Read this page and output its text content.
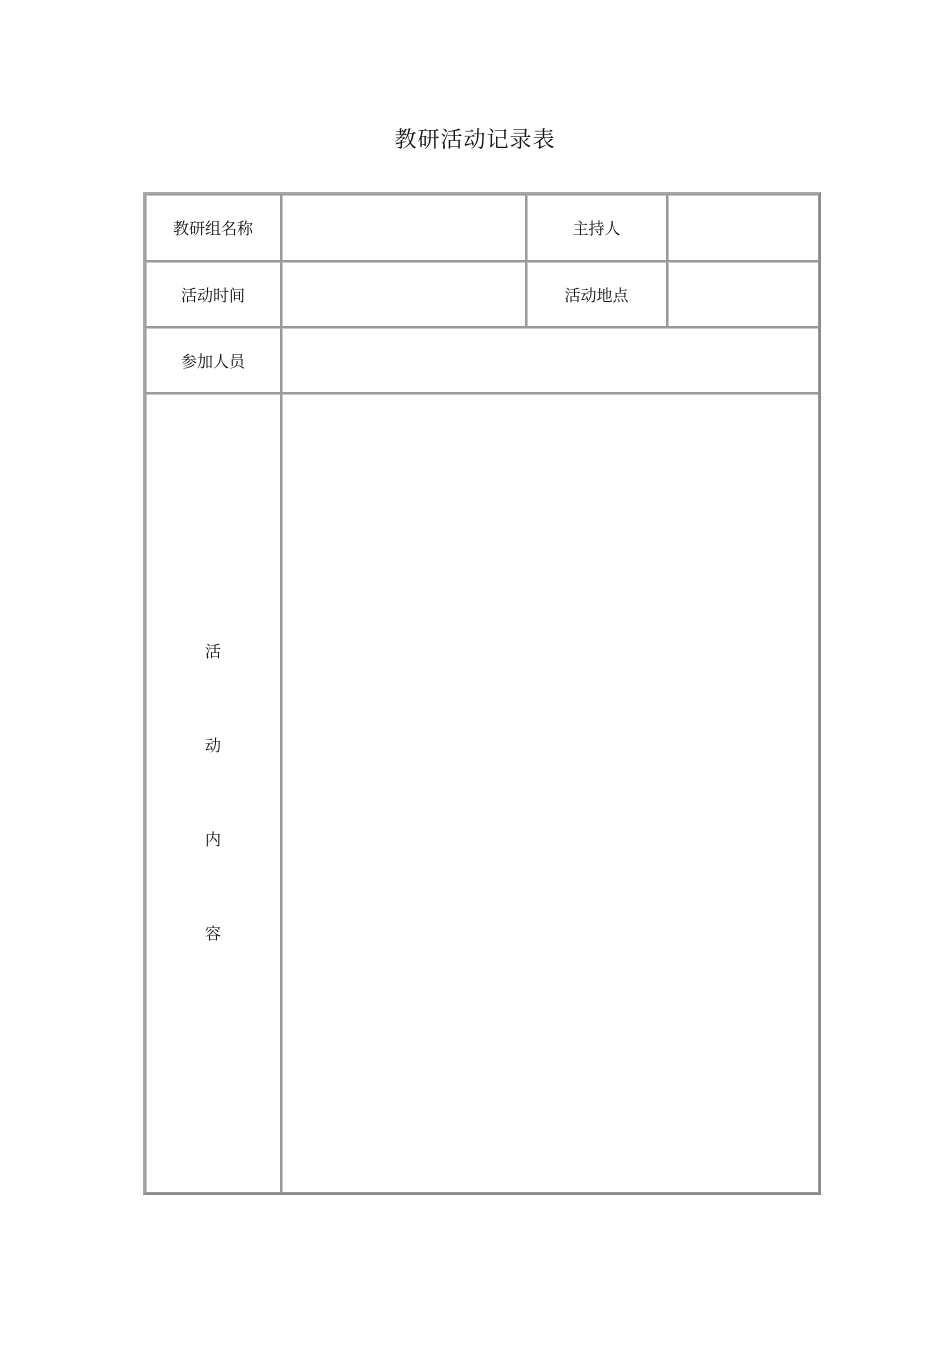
教研活动记录表
教研组名称		主持人	
活动时间		活动地点	
参加人员			

活
动
内
容			
